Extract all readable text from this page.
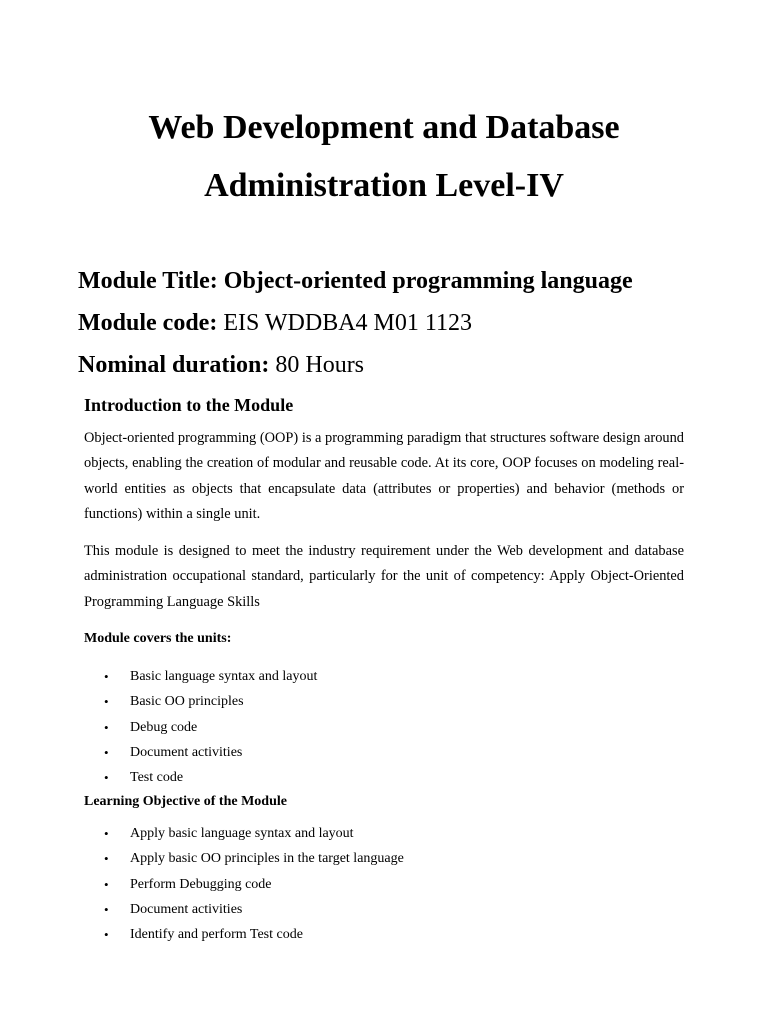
Web Development and Database
Administration Level-IV

Module Title: Object-oriented programming language

Module code: EIS WDDBA4 M01 1123

Nominal duration: 80 Hours

Introduction to the Module

Object-oriented programming (OOP) is a programming paradigm that structures software design around objects, enabling the creation of modular and reusable code. At its core, OOP focuses on modeling real-world entities as objects that encapsulate data (attributes or properties) and behavior (methods or functions) within a single unit.

This module is designed to meet the industry requirement under the Web development and database administration occupational standard, particularly for the unit of competency: Apply Object-Oriented Programming Language Skills

Module covers the units:
• Basic language syntax and layout
• Basic OO principles
• Debug code
• Document activities
• Test code
Learning Objective of the Module
• Apply basic language syntax and layout
• Apply basic OO principles in the target language
• Perform Debugging code
• Document activities
• Identify and perform Test code
